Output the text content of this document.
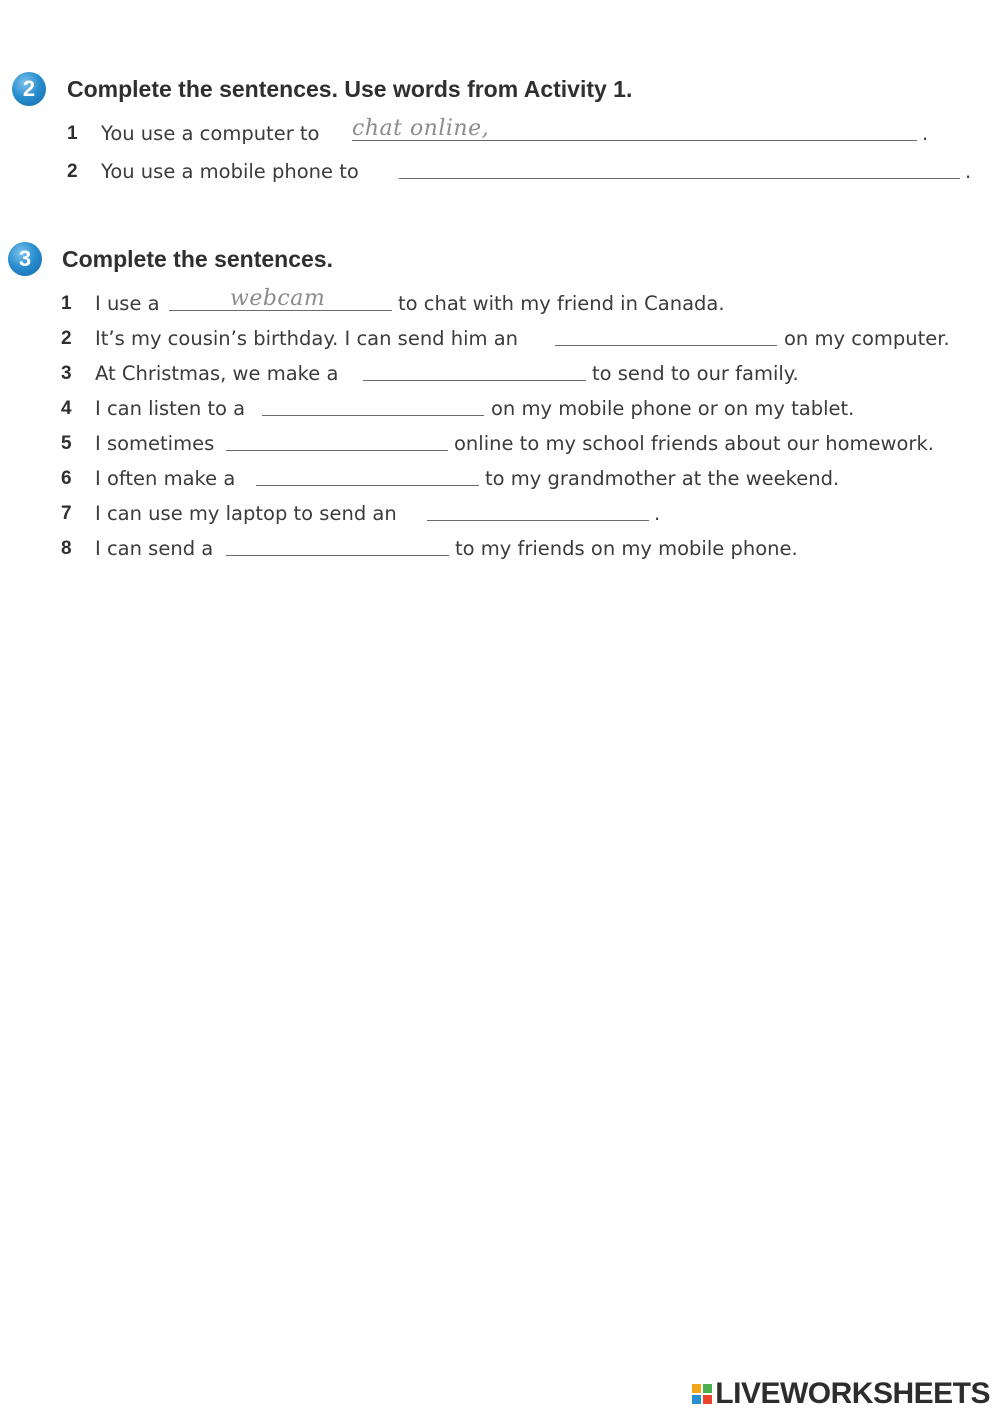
2	Complete the sentences. Use words from Activity 1.
1 You use a computer to chat online,	.
2 You use a mobile phone to	.
3	Complete the sentences.
1 I use a	webcam	to chat with my friend in Canada.
2 It’s my cousin’s birthday. I can send him an	on my computer.
3 At Christmas, we make a	to send to our family.
4 I can listen to a	on my mobile phone or on my tablet.
5 I sometimes	online to my school friends about our homework.
6 I often make a	to my grandmother at the weekend.
7 I can use my laptop to send an	.
8 I can send a	to my friends on my mobile phone.
LIVEWORKSHEETS
